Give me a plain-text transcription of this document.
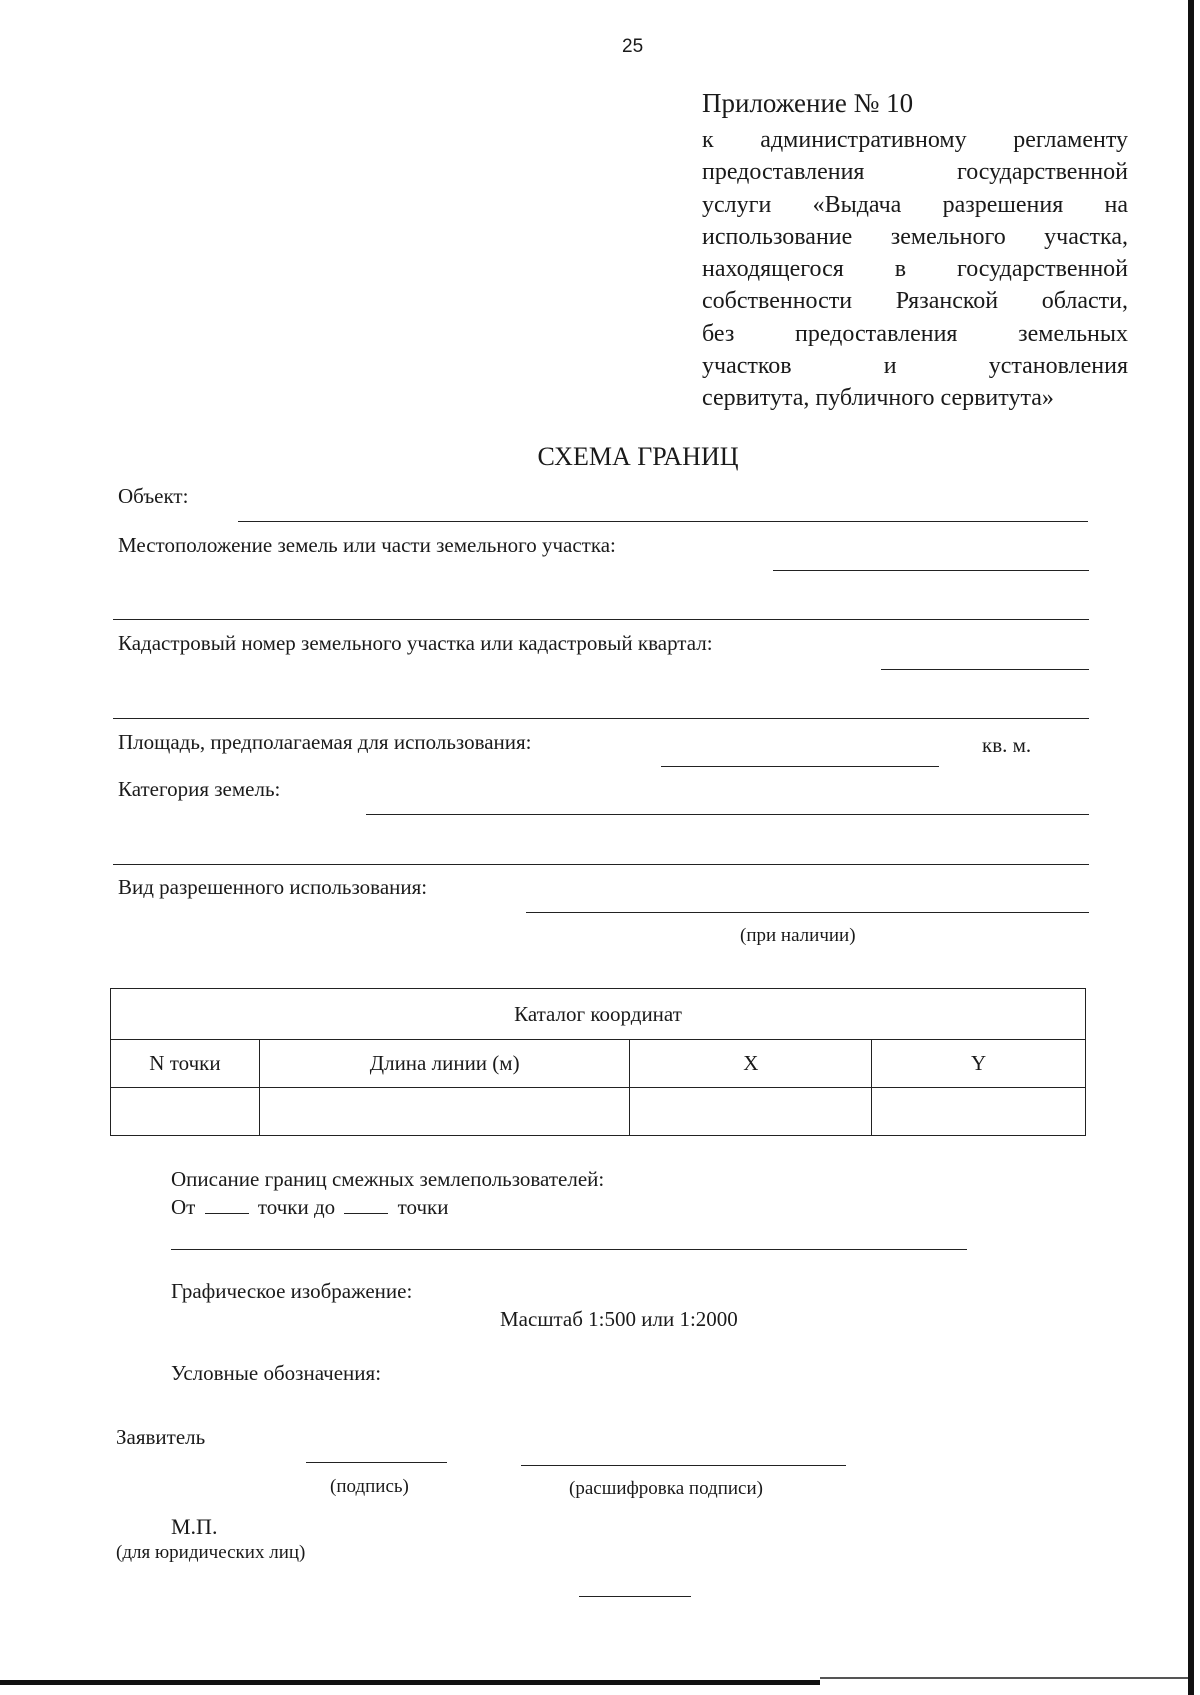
25
Приложение № 10
к административному регламенту
предоставления государственной
услуги «Выдача разрешения на
использование земельного участка,
находящегося в государственной
собственности Рязанской области,
без предоставления земельных
участков и установления
сервитута, публичного сервитута»
СХЕМА ГРАНИЦ
Объект:
Местоположение земель или части земельного участка:
Кадастровый номер земельного участка или кадастровый квартал:
Площадь, предполагаемая для использования:	кв. м.
Категория земель:
Вид разрешенного использования:
(при наличии)
Каталог координат			
N точки	Длина линии (м)	X	Y

Описание границ смежных землепользователей:
От	точки до	точки
Графическое изображение:
Масштаб 1:500 или 1:2000
Условные обозначения:
Заявитель
(подпись)	(расшифровка подписи)
М.П.
(для юридических лиц)
